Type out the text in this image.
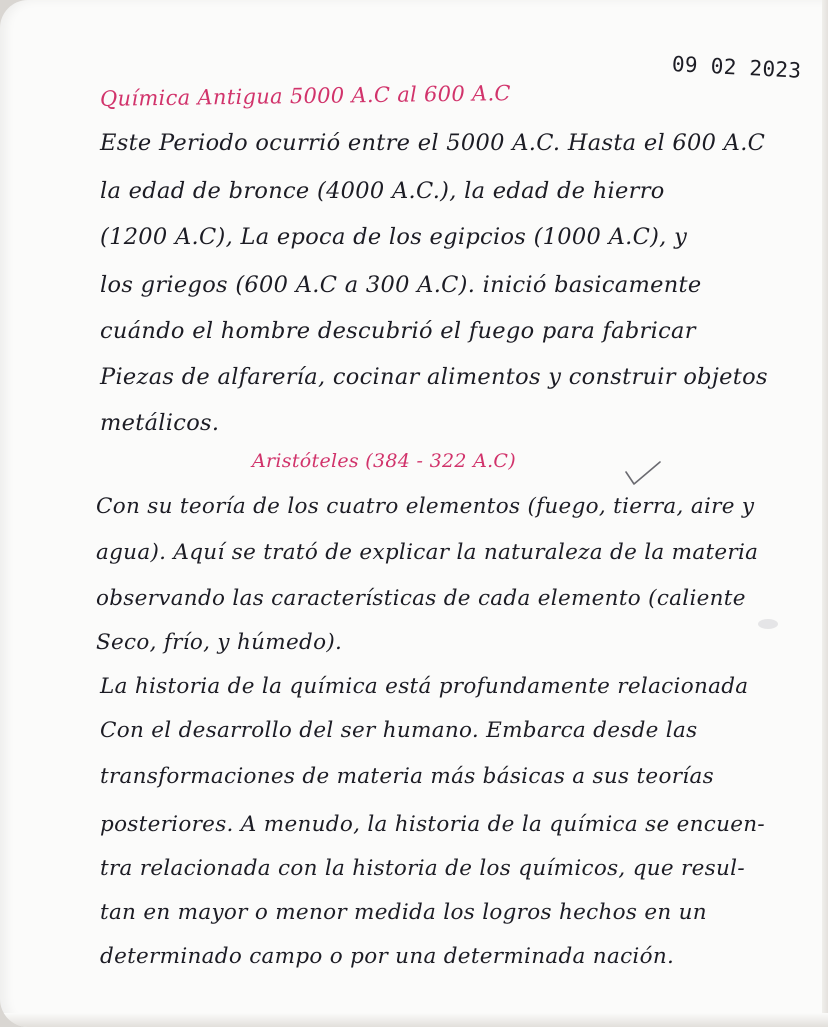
09 02 2023
Química Antigua 5000 A.C al 600 A.C
Este Periodo ocurrió entre el 5000 A.C. Hasta el 600 A.C
la edad de bronce (4000 A.C.), la edad de hierro
(1200 A.C), La epoca de los egipcios (1000 A.C), y
los griegos (600 A.C a 300 A.C). inició basicamente
cuándo el hombre descubrió el fuego para fabricar
Piezas de alfarería, cocinar alimentos y construir objetos
metálicos.
Aristóteles (384 - 322 A.C)
Con su teoría de los cuatro elementos (fuego, tierra, aire y
agua). Aquí se trató de explicar la naturaleza de la materia
observando las características de cada elemento (caliente
Seco, frío, y húmedo).
La historia de la química está profundamente relacionada
Con el desarrollo del ser humano. Embarca desde las
transformaciones de materia más básicas a sus teorías
posteriores. A menudo, la historia de la química se encuen-
tra relacionada con la historia de los químicos, que resul-
tan en mayor o menor medida los logros hechos en un
determinado campo o por una determinada nación.
